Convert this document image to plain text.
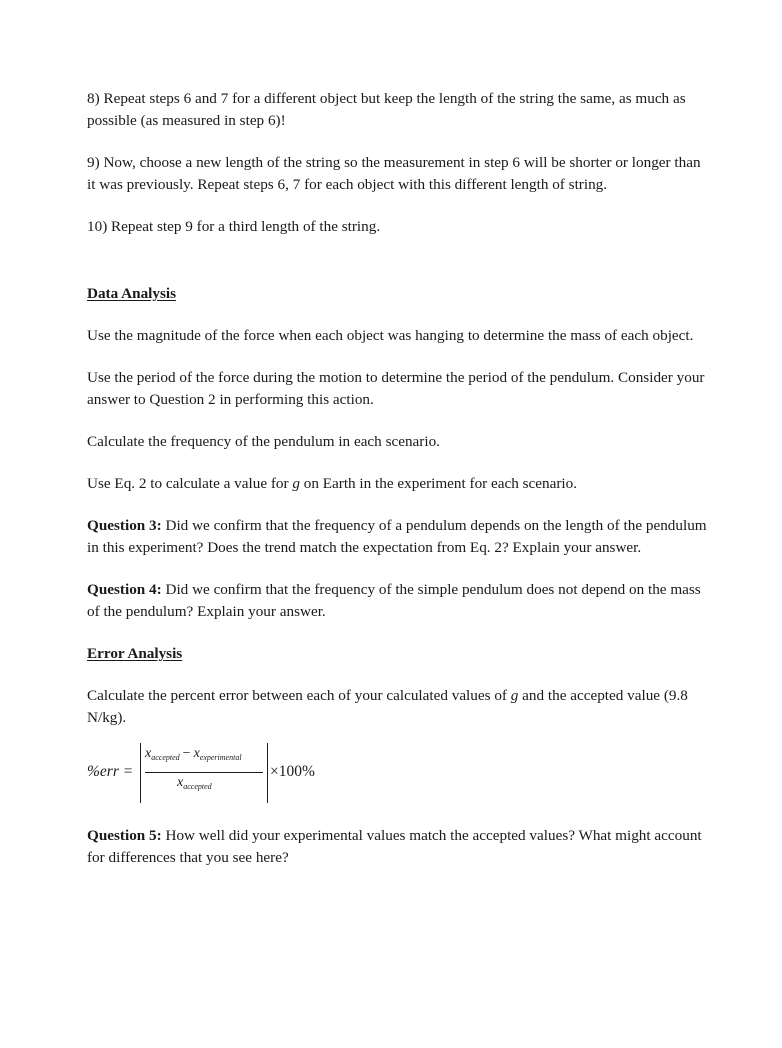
8) Repeat steps 6 and 7 for a different object but keep the length of the string the same, as much as possible (as measured in step 6)!

9) Now, choose a new length of the string so the measurement in step 6 will be shorter or longer than it was previously. Repeat steps 6, 7 for each object with this different length of string.

10) Repeat step 9 for a third length of the string.

Data Analysis

Use the magnitude of the force when each object was hanging to determine the mass of each object.

Use the period of the force during the motion to determine the period of the pendulum. Consider your answer to Question 2 in performing this action.

Calculate the frequency of the pendulum in each scenario.

Use Eq. 2 to calculate a value for g on Earth in the experiment for each scenario.

Question 3: Did we confirm that the frequency of a pendulum depends on the length of the pendulum in this experiment? Does the trend match the expectation from Eq. 2? Explain your answer.

Question 4: Did we confirm that the frequency of the simple pendulum does not depend on the mass of the pendulum? Explain your answer.

Error Analysis

Calculate the percent error between each of your calculated values of g and the accepted value (9.8 N/kg).

%err =
$x_{accepted} - x_{experimental}$
$x_{accepted}$
×100%

Question 5: How well did your experimental values match the accepted values? What might account for differences that you see here?
